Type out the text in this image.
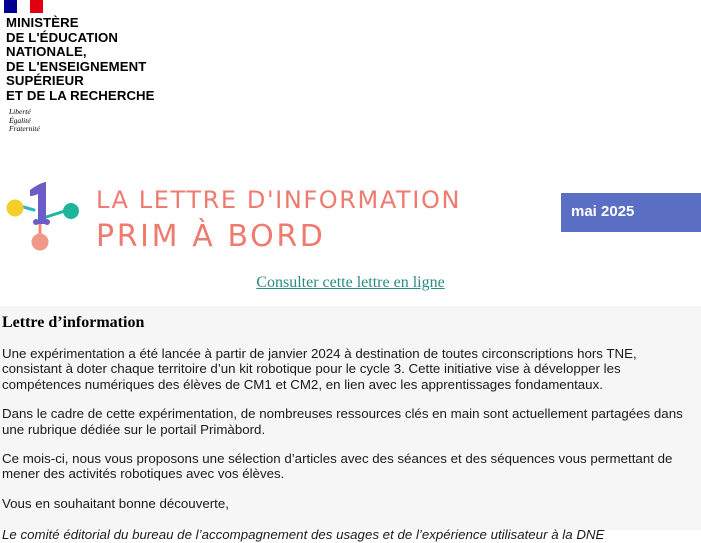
MINISTÈRE
DE L'ÉDUCATION
NATIONALE,
DE L'ENSEIGNEMENT
SUPÉRIEUR
ET DE LA RECHERCHE
Liberté
Égalité
Fraternité
LA LETTRE D'INFORMATION
PRIM À BORD
mai 2025
Consulter cette lettre en ligne
Lettre d’information

Une expérimentation a été lancée à partir de janvier 2024 à destination de toutes circonscriptions hors TNE, consistant à doter chaque territoire d’un kit robotique pour le cycle 3. Cette initiative vise à développer les compétences numériques des élèves de CM1 et CM2, en lien avec les apprentissages fondamentaux.

Dans le cadre de cette expérimentation, de nombreuses ressources clés en main sont actuellement partagées dans une rubrique dédiée sur le portail Primàbord.

Ce mois-ci, nous vous proposons une sélection d’articles avec des séances et des séquences vous permettant de mener des activités robotiques avec vos élèves.

Vous en souhaitant bonne découverte,

Le comité éditorial du bureau de l’accompagnement des usages et de l’expérience utilisateur à la DNE
